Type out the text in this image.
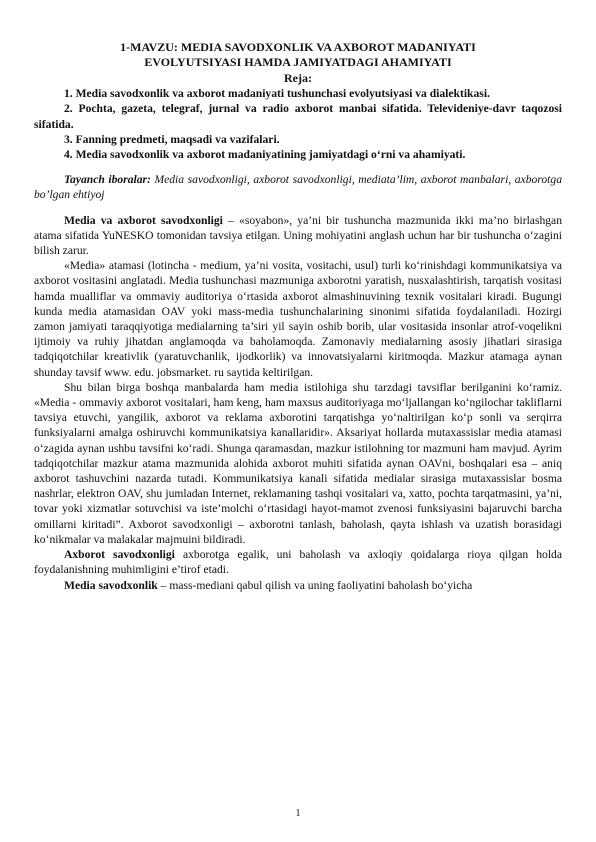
1-MAVZU: MEDIA SAVODXONLIK VA AXBOROT MADANIYATI
EVOLYUTSIYASI HAMDA JAMIYATDAGI AHAMIYATI

Reja:

1. Media savodxonlik va axborot madaniyati tushunchasi evolyutsiyasi va dialektikasi.

2. Pochta, gazeta, telegraf, jurnal va radio axborot manbai sifatida. Televideniye-davr taqozosi sifatida.

3. Fanning predmeti, maqsadi va vazifalari.

4. Media savodxonlik va axborot madaniyatining jamiyatdagi o‘rni va ahamiyati.

Tayanch iboralar: Media savodxonligi, axborot savodxonligi, mediata’lim, axborot manbalari, axborotga bo’lgan ehtiyoj

Media va axborot savodxonligi – «soyabon», ya’ni bir tushuncha mazmunida ikki ma’no birlashgan atama sifatida YuNESKO tomonidan tavsiya etilgan. Uning mohiyatini anglash uchun har bir tushuncha o‘zagini bilish zarur.

«Media» atamasi (lotincha - medium, ya’ni vosita, vositachi, usul) turli ko‘rinishdagi kommunikatsiya va axborot vositasini anglatadi. Media tushunchasi mazmuniga axborotni yaratish, nusxalashtirish, tarqatish vositasi hamda mualliflar va ommaviy auditoriya o‘rtasida axborot almashinuvining texnik vositalari kiradi. Bugungi kunda media atamasidan OAV yoki mass-media tushunchalarining sinonimi sifatida foydalaniladi. Hozirgi zamon jamiyati taraqqiyotiga medialarning ta’siri yil sayin oshib borib, ular vositasida insonlar atrof-voqelikni ijtimoiy va ruhiy jihatdan anglamoqda va baholamoqda. Zamonaviy medialarning asosiy jihatlari sirasiga tadqiqotchilar kreativlik (yaratuvchanlik, ijodkorlik) va innovatsiyalarni kiritmoqda. Mazkur atamaga aynan shunday tavsif www. edu. jobsmarket. ru saytida keltirilgan.

Shu bilan birga boshqa manbalarda ham media istilohiga shu tarzdagi tavsiflar berilganini ko‘ramiz. «Media - ommaviy axborot vositalari, ham keng, ham maxsus auditoriyaga mo‘ljallangan ko‘ngilochar takliflarni tavsiya etuvchi, yangilik, axborot va reklama axborotini tarqatishga yo‘naltirilgan ko‘p sonli va serqirra funksiyalarni amalga oshiruvchi kommunikatsiya kanallaridir». Aksariyat hollarda mutaxassislar media atamasi o‘zagida aynan ushbu tavsifni ko‘radi. Shunga qaramasdan, mazkur istilohning tor mazmuni ham mavjud. Ayrim tadqiqotchilar mazkur atama mazmunida alohida axborot muhiti sifatida aynan OAVni, boshqalari esa – aniq axborot tashuvchini nazarda tutadi. Kommunikatsiya kanali sifatida medialar sirasiga mutaxassislar bosma nashrlar, elektron OAV, shu jumladan Internet, reklamaning tashqi vositalari va, xatto, pochta tarqatmasini, ya’ni, tovar yoki xizmatlar sotuvchisi va iste’molchi o‘rtasidagi hayot-mamot zvenosi funksiyasini bajaruvchi barcha omillarni kiritadi”. Axborot savodxonligi – axborotni tanlash, baholash, qayta ishlash va uzatish borasidagi ko‘nikmalar va malakalar majmuini bildiradi.

Axborot savodxonligi axborotga egalik, uni baholash va axloqiy qoidalarga rioya qilgan holda foydalanishning muhimligini e’tirof etadi.

Media savodxonlik – mass-mediani qabul qilish va uning faoliyatini baholash bo‘yicha

1
